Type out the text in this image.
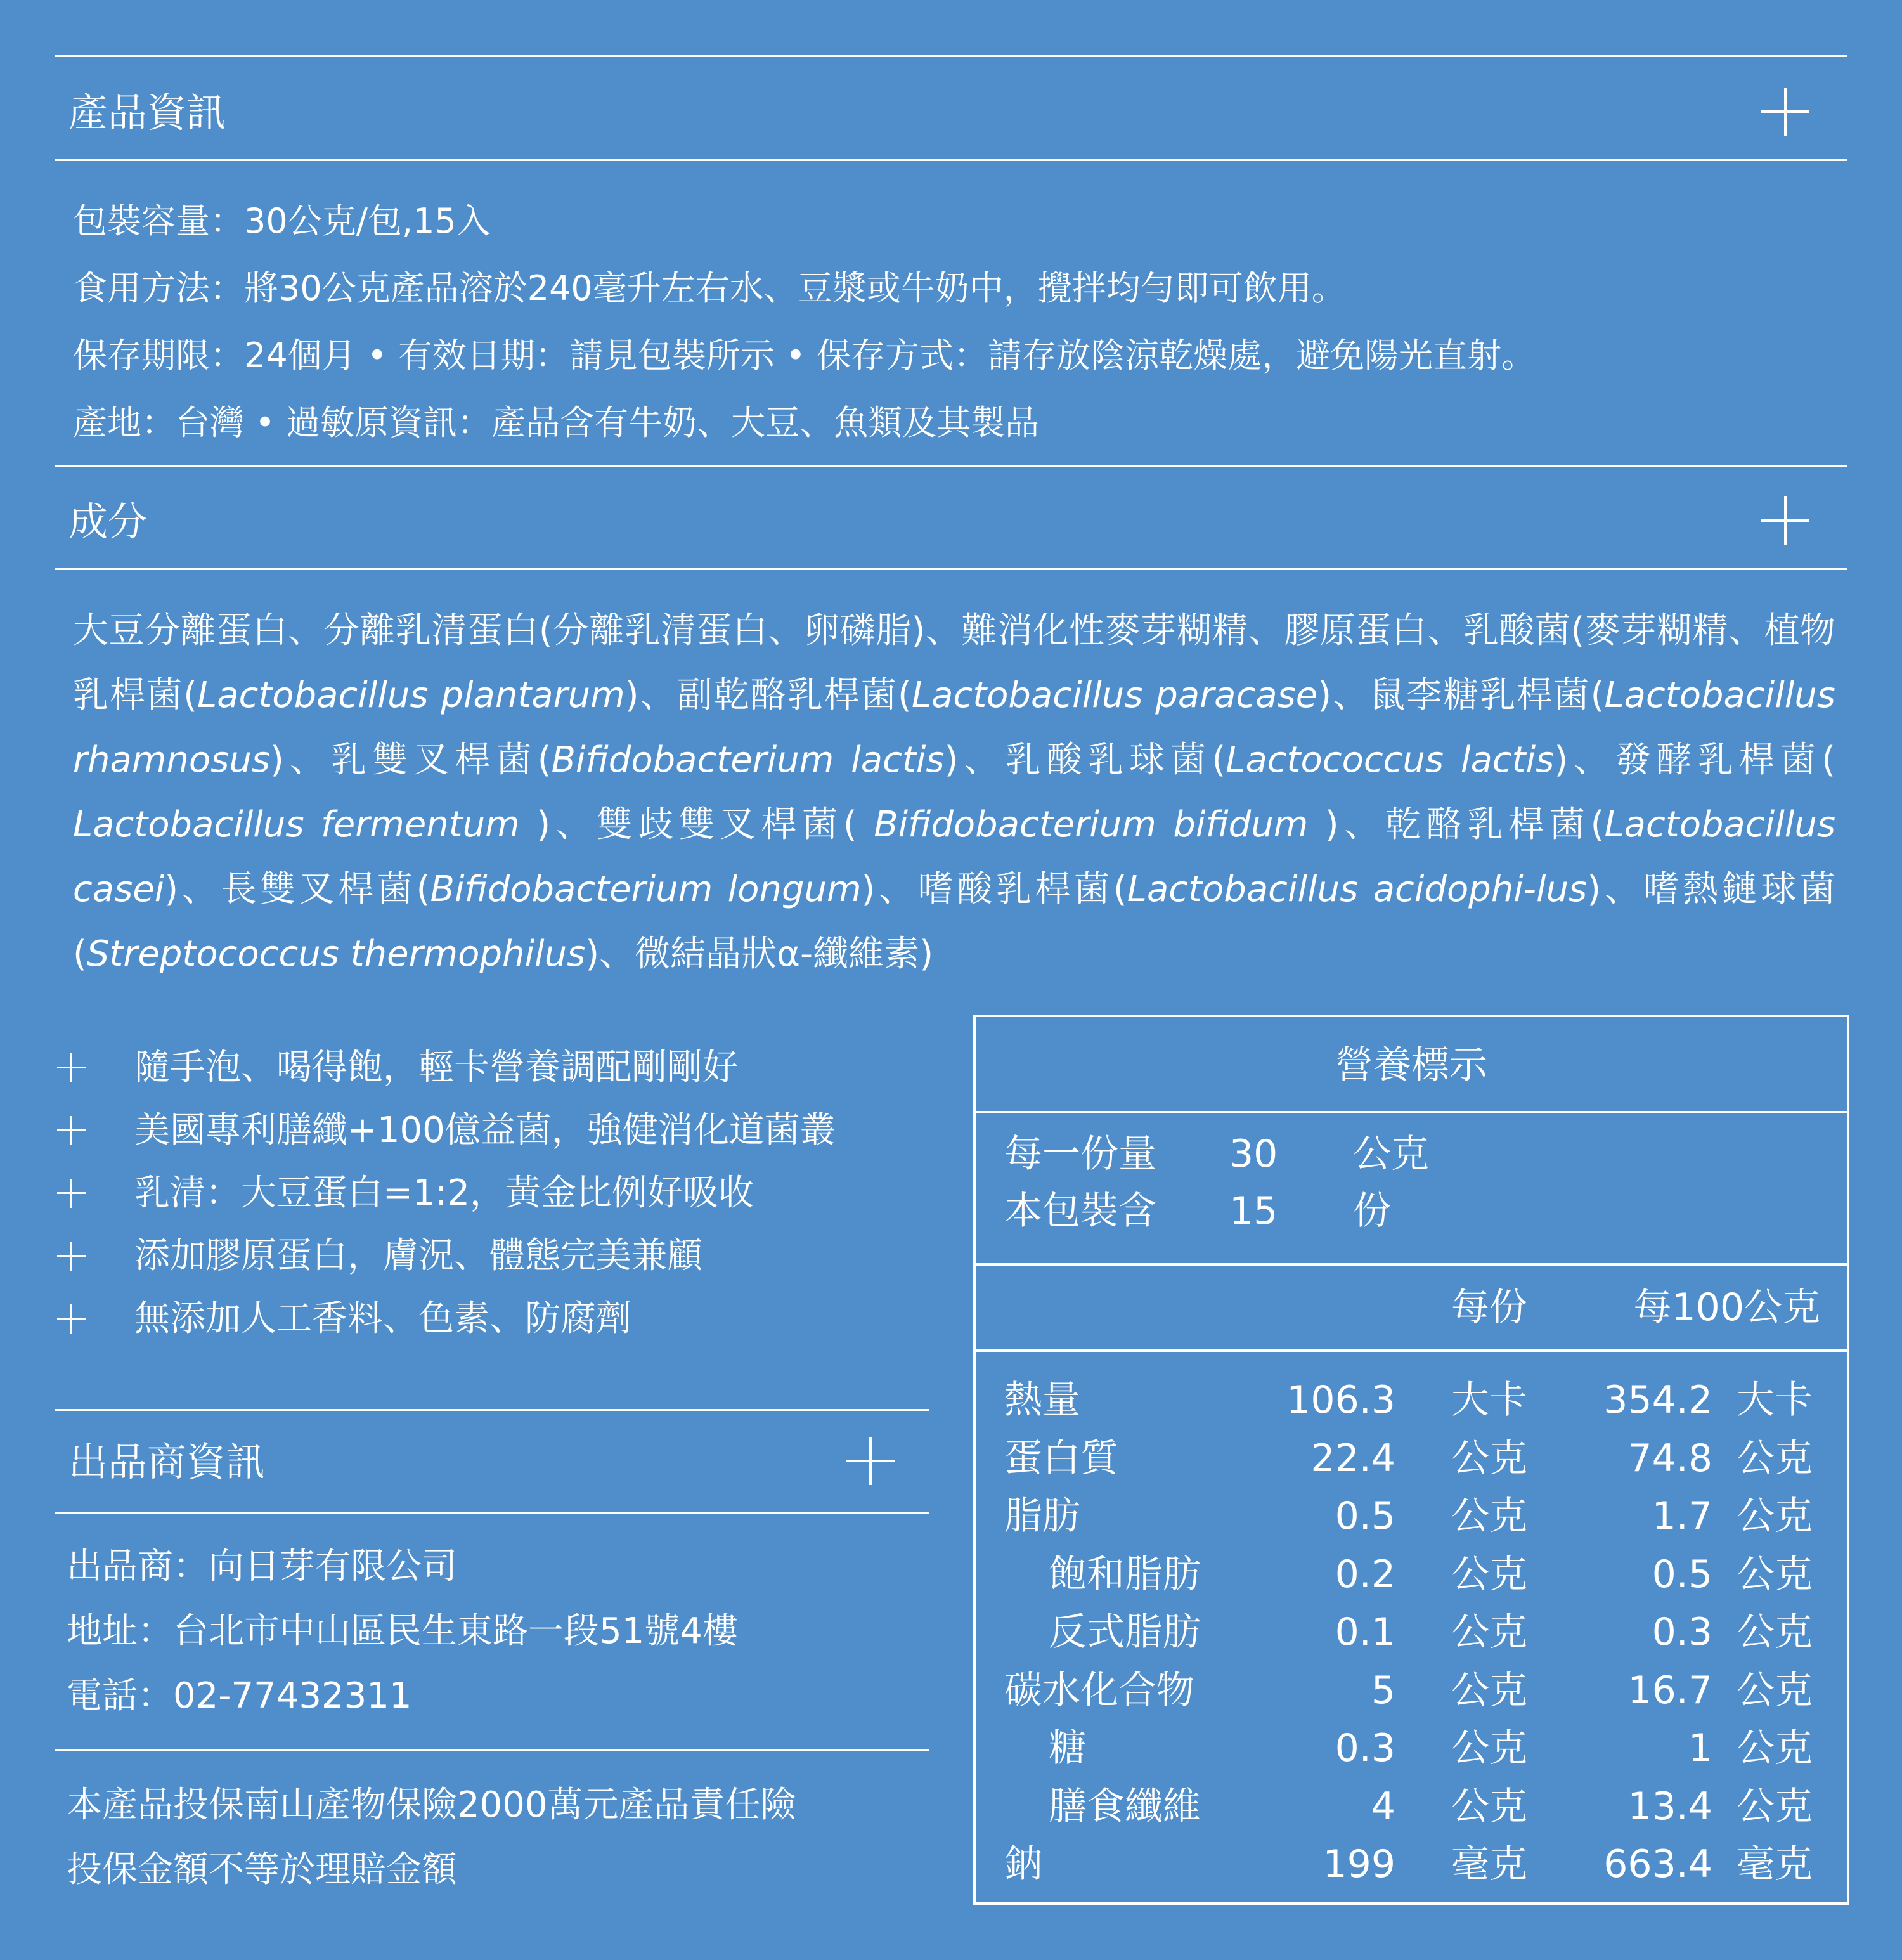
產品資訊
包裝容量：30公克/包,15入
食用方法：將30公克產品溶於240毫升左右水、豆漿或牛奶中，攪拌均勻即可飲用。
保存期限：24個月 • 有效日期：請見包裝所示 • 保存方式：請存放陰涼乾燥處，避免陽光直射。
產地：台灣 • 過敏原資訊：產品含有牛奶、大豆、魚類及其製品
成分
大豆分離蛋白、分離乳清蛋白(分離乳清蛋白、卵磷脂)、難消化性麥芽糊精、膠原蛋白、乳酸菌(麥芽糊精、植物乳桿菌(Lactobacillus plantarum)、副乾酪乳桿菌(Lactobacillus paracase)、鼠李糖乳桿菌(Lactobacillus rhamnosus)、乳雙叉桿菌(Bifidobacterium lactis)、乳酸乳球菌(Lactococcus lactis)、發酵乳桿菌( Lactobacillus fermentum )、雙歧雙叉桿菌( Bifidobacterium bifidum )、乾酪乳桿菌(Lactobacillus casei)、長雙叉桿菌(Bifidobacterium longum)、嗜酸乳桿菌(Lactobacillus acidophi-lus)、嗜熱鏈球菌(Streptococcus thermophilus)、微結晶狀α-纖維素)
隨手泡、喝得飽，輕卡營養調配剛剛好
美國專利膳纖+100億益菌，強健消化道菌叢
乳清：大豆蛋白=1:2，黃金比例好吸收
添加膠原蛋白，膚況、體態完美兼顧
無添加人工香料、色素、防腐劑
出品商資訊
出品商：向日芽有限公司
地址：台北市中山區民生東路一段51號4樓
電話：02-77432311
本產品投保南山產物保險2000萬元產品責任險
投保金額不等於理賠金額
營養標示
每一份量 30 公克
本包裝含 15 份
每份	每100公克
熱量	106.3 大卡 354.2 大卡
蛋白質	22.4 公克	74.8 公克
脂肪	0.5 公克	1.7 公克
飽和脂肪	0.2 公克	0.5 公克
反式脂肪	0.1 公克	0.3 公克
碳水化合物	5 公克	16.7 公克
糖	0.3 公克	1 公克
膳食纖維	4 公克	13.4 公克
鈉	199 毫克 663.4 毫克
